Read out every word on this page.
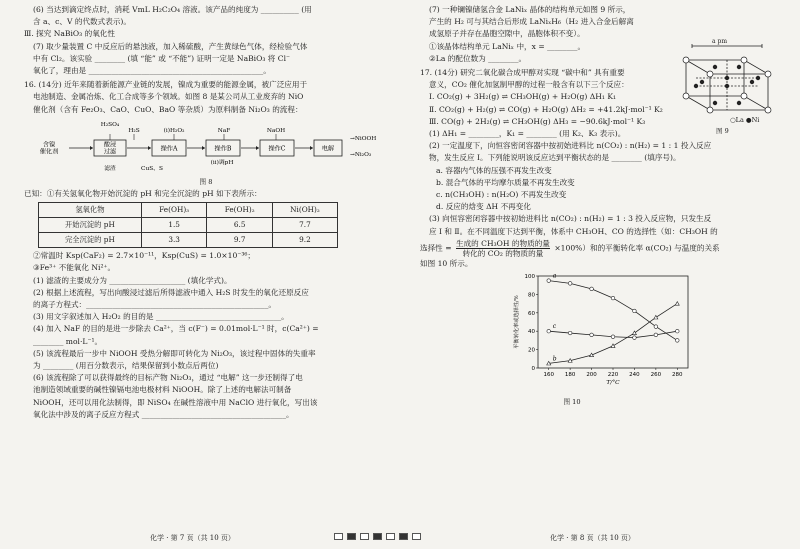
(6) 当达到滴定终点时，消耗 VmL H₂C₂O₄ 溶液。该产品的纯度为 __________ (用
含 a、c、V 的代数式表示)。
Ⅲ. 探究 NaBiO₃ 的氧化性
(7) 取少量装置 C 中反应后的悬浊液，加入稀硫酸，产生黄绿色气体，经检验气体
中有 Cl₂。该实验 ________ (填 “能” 或 “不能”) 证明一定是 NaBiO₃ 将 Cl⁻
氧化了，理由是 ______________________________________________。
16. (14分) 近年来随着新能源产业链的发展，镍成为重要的能源金属，被广泛应用于
电池制造、金属冶炼、化工合成等多个领域。如图 8 是某公司从工业废弃的 NiO
催化剂（含有 Fe₂O₃、CaO、CuO、BaO 等杂质）为原料制备 Ni₂O₃ 的流程：
含镍
催化剂
酸浸
过滤	操作A	操作B	操作C	电解
H₂SO₄
H₂S	(i)H₂O₂	NaF	NaOH
(ii)调pH
滤渣	CuS、S
→NiOOH
→Ni₂O₃
图 8
已知：①有关氢氧化物开始沉淀的 pH 和完全沉淀的 pH 如下表所示：
氢氧化物	Fe(OH)₃	Fe(OH)₂	Ni(OH)₂
开始沉淀的 pH	1.5	6.5	7.7
完全沉淀的 pH	3.3	9.7	9.2
②常温时 Ksp(CaF₂) = 2.7×10⁻¹¹，Ksp(CuS) = 1.0×10⁻³⁶；
③Fe³⁺ 不能氧化 Ni²⁺。
(1) 滤渣的主要成分为 ____________________ (填化学式)。
(2) 根据上述流程，写出向酸浸过滤后所得滤液中通入 H₂S 时发生的氧化还原反应
的离子方程式：________________________________________________。
(3) 用文字叙述加入 H₂O₂ 的目的是 _________________________________。
(4) 加入 NaF 的目的是进一步除去 Ca²⁺，当 c(F⁻) = 0.01mol·L⁻¹ 时，c(Ca²⁺) =
________ mol·L⁻¹。
(5) 该流程最后一步中 NiOOH 受热分解即可转化为 Ni₂O₃，该过程中固体的失重率
为 ________ (用百分数表示，结果保留到小数点后两位)
(6) 该流程除了可以获得最终的目标产物 Ni₂O₃，通过 “电解” 这一步还制得了电
池制造领域重要的碱性镍镉电池电极材料 NiOOH。除了上述的电解法可制备
NiOOH，还可以用化法制得，即 NiSO₄ 在碱性溶液中用 NaClO 进行氧化，写出该
氧化法中涉及的离子反应方程式 ______________________________________。
化学 · 第 7 页（共 10 页）
(7) 一种镧镍储氢合金 LaNiₓ 晶体的结构单元如图 9 所示，
产生的 H₂ 可与其结合后形成 LaNiₓH₆（H₂ 进入合金后解离
成氢原子并存在晶胞空隙中，晶胞体积不变）。
①该晶体结构单元 LaNiₓ 中，x = ________。
②La 的配位数为 ________。
17. (14分) 研究二氧化碳合成甲醇对实现 “碳中和” 具有重要
意义，CO₂ 催化加氢制甲醇的过程一般含有以下三个反应：
Ⅰ. CO₂(g) + 3H₂(g) ⇌ CH₃OH(g) + H₂O(g) ΔH₁ K₁
Ⅱ. CO₂(g) + H₂(g) ⇌ CO(g) + H₂O(g) ΔH₂ = +41.2kJ·mol⁻¹ K₂
Ⅲ. CO(g) + 2H₂(g) ⇌ CH₃OH(g) ΔH₃ = −90.6kJ·mol⁻¹ K₃
(1) ΔH₁ = ________，K₁ = ________ (用 K₂、K₃ 表示)。
(2) 一定温度下，向恒容密闭容器中按初始进料比 n(CO₂) : n(H₂) = 1 : 1 投入反应
物，发生反应 Ⅰ。下列能说明该反应达到平衡状态的是 ________ (填序号)。
a. 容器内气体的压强不再发生改变
b. 混合气体的平均摩尔质量不再发生改变
c. n(CH₃OH) : n(H₂O) 不再发生改变
d. 反应的焓变 ΔH 不再变化
(3) 向恒容密闭容器中按初始进料比 n(CO₂) : n(H₂) = 1 : 3 投入反应物，只发生反
应 Ⅰ 和 Ⅱ。在不同温度下达到平衡，体系中 CH₃OH、CO 的选择性（如：CH₃OH 的
选择性 = 生成的 CH₃OH 的物质的量
转化的 CO₂ 的物质的量
×100%）和的平衡转化率 α(CO₂) 与温度的关系
如图 10 所示。
0
20
40
60
80
100
160 180 200 220 240 260 280
T/°C
平衡转化率或选择性/%
a
b
c
图 10
a pm
○La ●Ni
图 9
化学 · 第 8 页（共 10 页）
